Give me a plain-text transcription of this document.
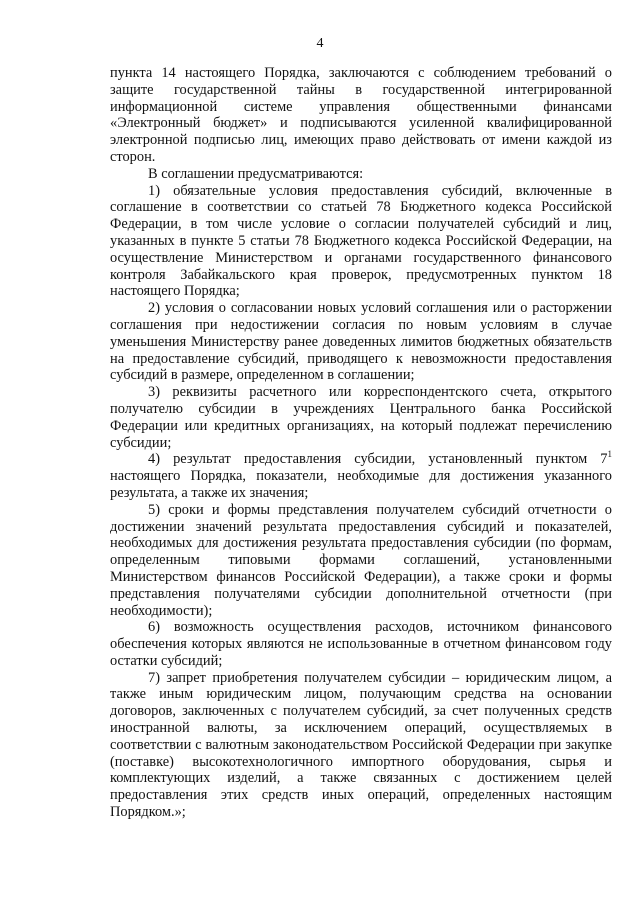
4

пункта 14 настоящего Порядка, заключаются с соблюдением требований о защите государственной тайны в государственной интегрированной информационной системе управления общественными финансами «Электронный бюджет» и подписываются усиленной квалифицированной электронной подписью лиц, имеющих право действовать от имени каждой из сторон.

В соглашении предусматриваются:

1) обязательные условия предоставления субсидий, включенные в соглашение в соответствии со статьей 78 Бюджетного кодекса Российской Федерации, в том числе условие о согласии получателей субсидий и лиц, указанных в пункте 5 статьи 78 Бюджетного кодекса Российской Федерации, на осуществление Министерством и органами государственного финансового контроля Забайкальского края проверок, предусмотренных пунктом 18 настоящего Порядка;

2) условия о согласовании новых условий соглашения или о расторжении соглашения при недостижении согласия по новым условиям в случае уменьшения Министерству ранее доведенных лимитов бюджетных обязательств на предоставление субсидий, приводящего к невозможности предоставления субсидий в размере, определенном в соглашении;

3) реквизиты расчетного или корреспондентского счета, открытого получателю субсидии в учреждениях Центрального банка Российской Федерации или кредитных организациях, на который подлежат перечислению субсидии;

4) результат предоставления субсидии, установленный пунктом $7^1$ настоящего Порядка, показатели, необходимые для достижения указанного результата, а также их значения;

5) сроки и формы представления получателем субсидий отчетности о достижении значений результата предоставления субсидий и показателей, необходимых для достижения результата предоставления субсидии (по формам, определенным типовыми формами соглашений, установленными Министерством финансов Российской Федерации), а также сроки и формы представления получателями субсидии дополнительной отчетности (при необходимости);

6) возможность осуществления расходов, источником финансового обеспечения которых являются не использованные в отчетном финансовом году остатки субсидий;

7) запрет приобретения получателем субсидии – юридическим лицом, а также иным юридическим лицом, получающим средства на основании договоров, заключенных с получателем субсидий, за счет полученных средств иностранной валюты, за исключением операций, осуществляемых в соответствии с валютным законодательством Российской Федерации при закупке (поставке) высокотехнологичного импортного оборудования, сырья и комплектующих изделий, а также связанных с достижением целей предоставления этих средств иных операций, определенных настоящим Порядком.»;
